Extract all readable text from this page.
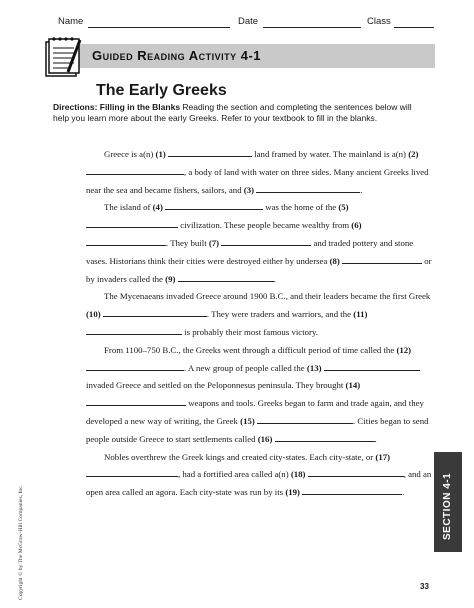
Name	Date	Class
Guided Reading Activity 4-1
The Early Greeks
Directions: Filling in the Blanks Reading the section and completing the sentences below will help you learn more about the early Greeks. Refer to your textbook to fill in the blanks.

Greece is a(n) (1)	land framed by water. The mainland is a(n) (2) , a body of land with water on three sides. Many ancient Greeks lived near the sea and became fishers, sailors, and (3)	.

The island of (4)	was the home of the (5)  civilization. These people became wealthy from (6) . They built (7)	and traded pottery and stone vases. Historians think their cities were destroyed either by undersea (8)	or by invaders called the (9)	.

The Mycenaeans invaded Greece around 1900 B.C., and their leaders became the first Greek (10)	. They were traders and warriors, and the (11)  is probably their most famous victory.

From 1100–750 B.C., the Greeks went through a difficult period of time called the (12) . A new group of people called the (13)  invaded Greece and settled on the Peloponnesus peninsula. They brought (14)  weapons and tools. Greeks began to farm and trade again, and they developed a new way of writing, the Greek (15)	. Cities began to send people outside Greece to start settlements called (16)	.

Nobles overthrew the Greek kings and created city-states. Each city-state, or (17) , had a fortified area called a(n) (18)	, and an open area called an agora. Each city-state was run by its (19)	.

Copyright © by The McGraw-Hill Companies, Inc.	SECTION 4-1
33
